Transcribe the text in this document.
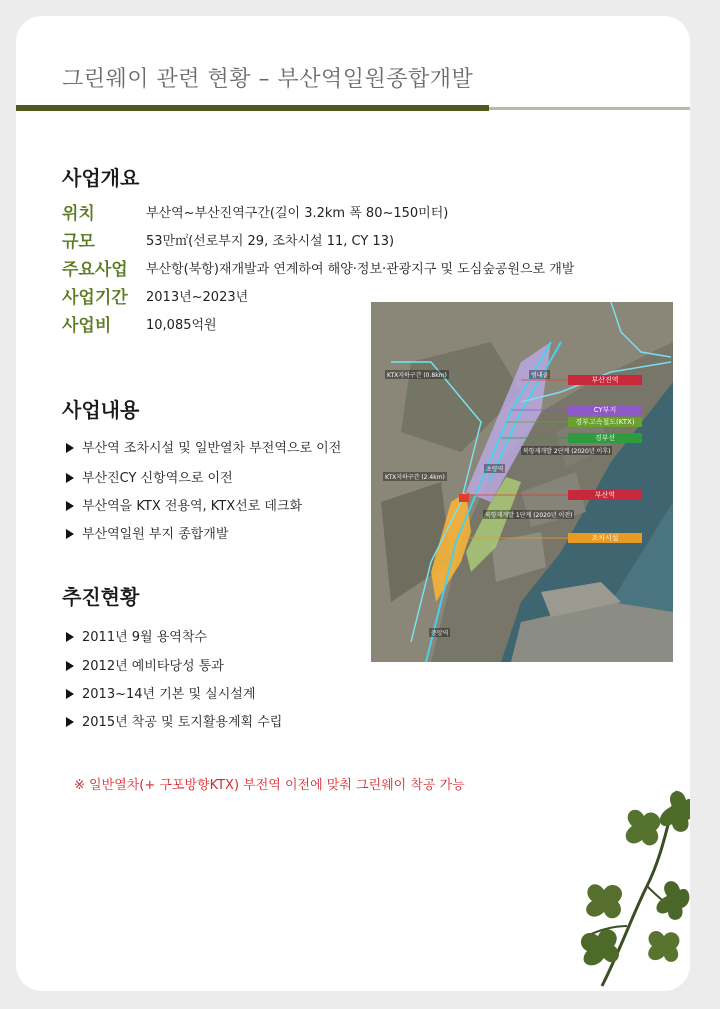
그린웨이 관련 현황 – 부산역일원종합개발
사업개요
위치	부산역~부산진역구간(길이 3.2km 폭 80~150미터)
규모	53만㎡(선로부지 29, 조차시설 11, CY 13)
주요사업 부산항(북항)재개발과 연계하여 해양·정보·관광지구 및 도심숲공원으로 개발
사업기간 2013년~2023년
사업비	10,085억원
사업내용
부산역 조차시설 및 일반열차 부전역으로 이전
부산진CY 신항역으로 이전
부산역을 KTX 전용역, KTX선로 데크화
부산역일원 부지 종합개발
추진현황
2011년 9월 용역착수
2012년 예비타당성 통과
2013~14년 기본 및 실시설계
2015년 착공 및 토지활용계획 수립
※ 일반열차(+ 구포방향KTX) 부전역 이전에 맞춰 그린웨이 착공 가능
부산진역
CY부지
경부고속철도(KTX)
경부선
부산역
조차시설
KTX지하구간 (0.8km)
KTX지하구간 (2.4km)
북항재개발 2단계 (2020년 이후)
북항재개발 1단계 (2020년 이전)
범내골
중앙역
초량역
